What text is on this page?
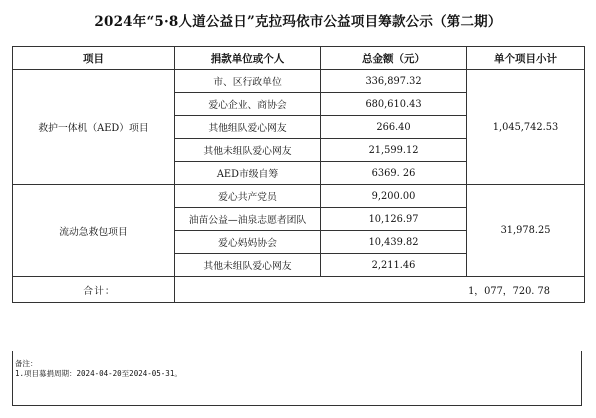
2024年“5·8人道公益日”克拉玛依市公益项目筹款公示（第二期）
项目	捐款单位或个人	总金额（元）	单个项目小计
救护一体机（AED）项目	市、区行政单位	336,897.32	1,045,742.53
	爱心企业、商协会	680,610.43	
	其他组队爱心网友	266.40	
	其他未组队爱心网友	21,599.12	
	AED市级自筹	6369. 26	
流动急救包项目	爱心共产党员	9,200.00	31,978.25
	油苗公益—油泉志愿者团队	10,126.97	
	爱心妈妈协会	10,439.82	
	其他未组队爱心网友	2,211.46	
合计：	1，077，720. 78		
备注：
1.项目募捐周期：2024-04-20至2024-05-31。
